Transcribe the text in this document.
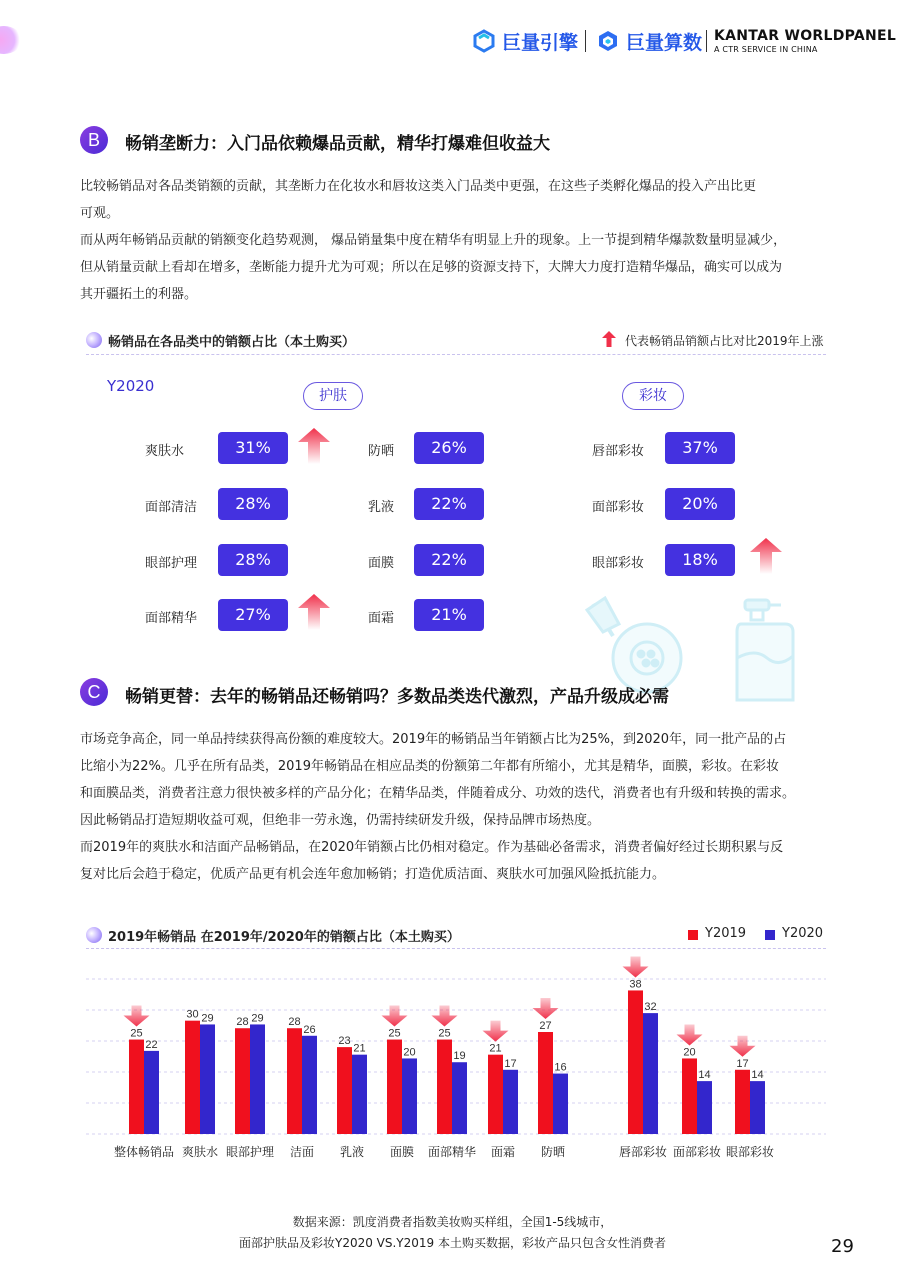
巨量引擎	巨量算数 KANTAR WORLDPANEL
A CTR SERVICE IN CHINA
B	畅销垄断力：入门品依赖爆品贡献，精华打爆难但收益大

比较畅销品对各品类销额的贡献，其垄断力在化妆水和唇妆这类入门品类中更强，在这些子类孵化爆品的投入产出比更

可观。

而从两年畅销品贡献的销额变化趋势观测， 爆品销量集中度在精华有明显上升的现象。上一节提到精华爆款数量明显减少，

但从销量贡献上看却在增多，垄断能力提升尤为可观；所以在足够的资源支持下，大牌大力度打造精华爆品，确实可以成为

其开疆拓土的利器。

畅销品在各品类中的销额占比（本土购买）	代表畅销品销额占比对比2019年上涨
Y2020
护肤	彩妆
爽肤水	31%
面部清洁	28%
眼部护理	28%
面部精华	27%
防晒	26%
乳液	22%
面膜	22%
面霜	21%
唇部彩妆	37%
面部彩妆	20%
眼部彩妆	18%
C	畅销更替：去年的畅销品还畅销吗？多数品类迭代激烈，产品升级成必需

市场竞争高企，同一单品持续获得高份额的难度较大。2019年的畅销品当年销额占比为25%，到2020年，同一批产品的占

比缩小为22%。几乎在所有品类，2019年畅销品在相应品类的份额第二年都有所缩小，尤其是精华，面膜，彩妆。在彩妆

和面膜品类，消费者注意力很快被多样的产品分化；在精华品类，伴随着成分、功效的迭代，消费者也有升级和转换的需求。

因此畅销品打造短期收益可观，但绝非一劳永逸，仍需持续研发升级，保持品牌市场热度。

而2019年的爽肤水和洁面产品畅销品，在2020年销额占比仍相对稳定。作为基础必备需求，消费者偏好经过长期积累与反

复对比后会趋于稳定，优质产品更有机会连年愈加畅销；打造优质洁面、爽肤水可加强风险抵抗能力。

2019年畅销品 在2019年/2020年的销额占比（本土购买）	Y2019	Y2020
25
22
整体畅销品
30 29
爽肤水
28 29
眼部护理
28
26
洁面
23
21
乳液
25
20
面膜
25
19
面部精华
21
17
面霜
27
16
防晒
38
32
唇部彩妆
20
14
面部彩妆
17
14
眼部彩妆
数据来源：凯度消费者指数美妆购买样组，全国1-5线城市，
面部护肤品及彩妆Y2020 VS.Y2019 本土购买数据，彩妆产品只包含女性消费者	29
